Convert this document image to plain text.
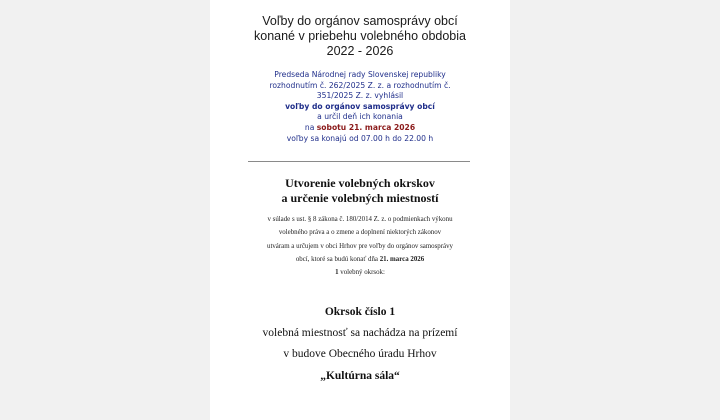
Voľby do orgánov samosprávy obcí
konané v priebehu volebného obdobia
2022 - 2026
Predseda Národnej rady Slovenskej republiky
rozhodnutím č. 262/2025 Z. z. a rozhodnutím č.
351/2025 Z. z. vyhlásil
voľby do orgánov samosprávy obcí
a určil deň ich konania
na sobotu 21. marca 2026
voľby sa konajú od 07.00 h do 22.00 h
Utvorenie volebných okrskov
a určenie volebných miestností
v súlade s ust. § 8 zákona č. 180/2014 Z. z. o podmienkach výkonu
volebného práva a o zmene a doplnení niektorých zákonov
utváram a určujem v obci Hrhov pre voľby do orgánov samosprávy
obcí, ktoré sa budú konať dňa 21. marca 2026
1 volebný okrsok:
Okrsok číslo 1
volebná miestnosť sa nachádza na prízemí
v budove Obecného úradu Hrhov
„Kultúrna sála“
